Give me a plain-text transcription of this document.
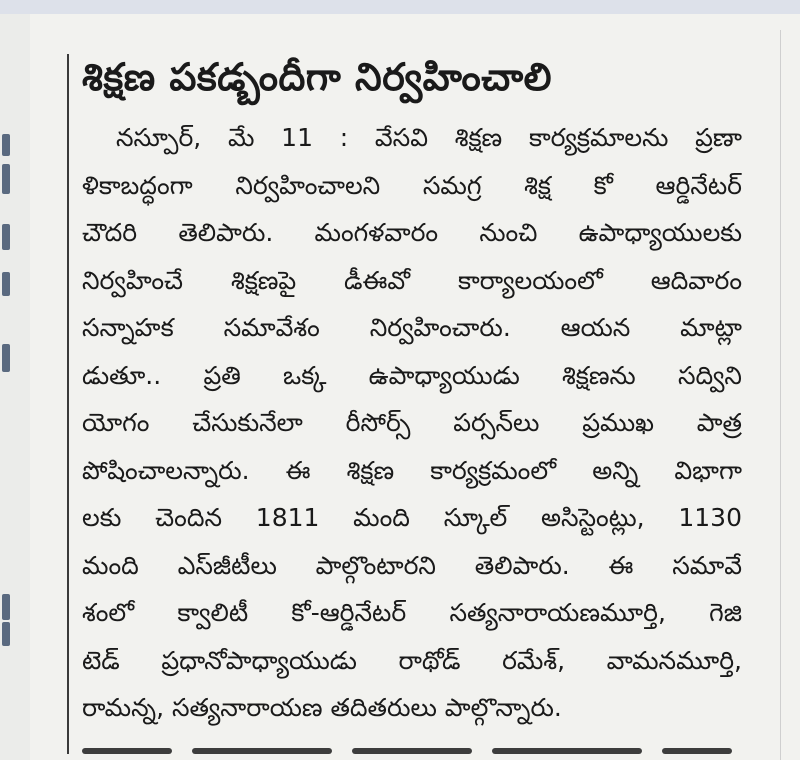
శిక్షణ పకడ్బందీగా నిర్వహించాలి
నస్పూర్, మే 11 : వేసవి శిక్షణ కార్యక్రమాలను ప్రణా
ళికాబద్ధంగా నిర్వహించాలని సమగ్ర శిక్ష కో ఆర్డినేటర్
చౌదరి తెలిపారు. మంగళవారం నుంచి ఉపాధ్యాయులకు
నిర్వహించే శిక్షణపై డీఈవో కార్యాలయంలో ఆదివారం
సన్నాహక సమావేశం నిర్వహించారు. ఆయన మాట్లా
డుతూ.. ప్రతి ఒక్క ఉపాధ్యాయుడు శిక్షణను సద్విని
యోగం చేసుకునేలా రీసోర్స్ పర్సన్‌లు ప్రముఖ పాత్ర
పోషించాలన్నారు. ఈ శిక్షణ కార్యక్రమంలో అన్ని విభాగా
లకు చెందిన 1811 మంది స్కూల్ అసిస్టెంట్లు, 1130
మంది ఎస్‌జీటీలు పాల్గొంటారని తెలిపారు. ఈ సమావే
శంలో క్వాలిటీ కో-ఆర్డినేటర్ సత్యనారాయణమూర్తి, గెజి
టెడ్ ప్రధానోపాధ్యాయుడు రాథోడ్ రమేశ్, వామనమూర్తి,
రామన్న, సత్యనారాయణ తదితరులు పాల్గొన్నారు.
